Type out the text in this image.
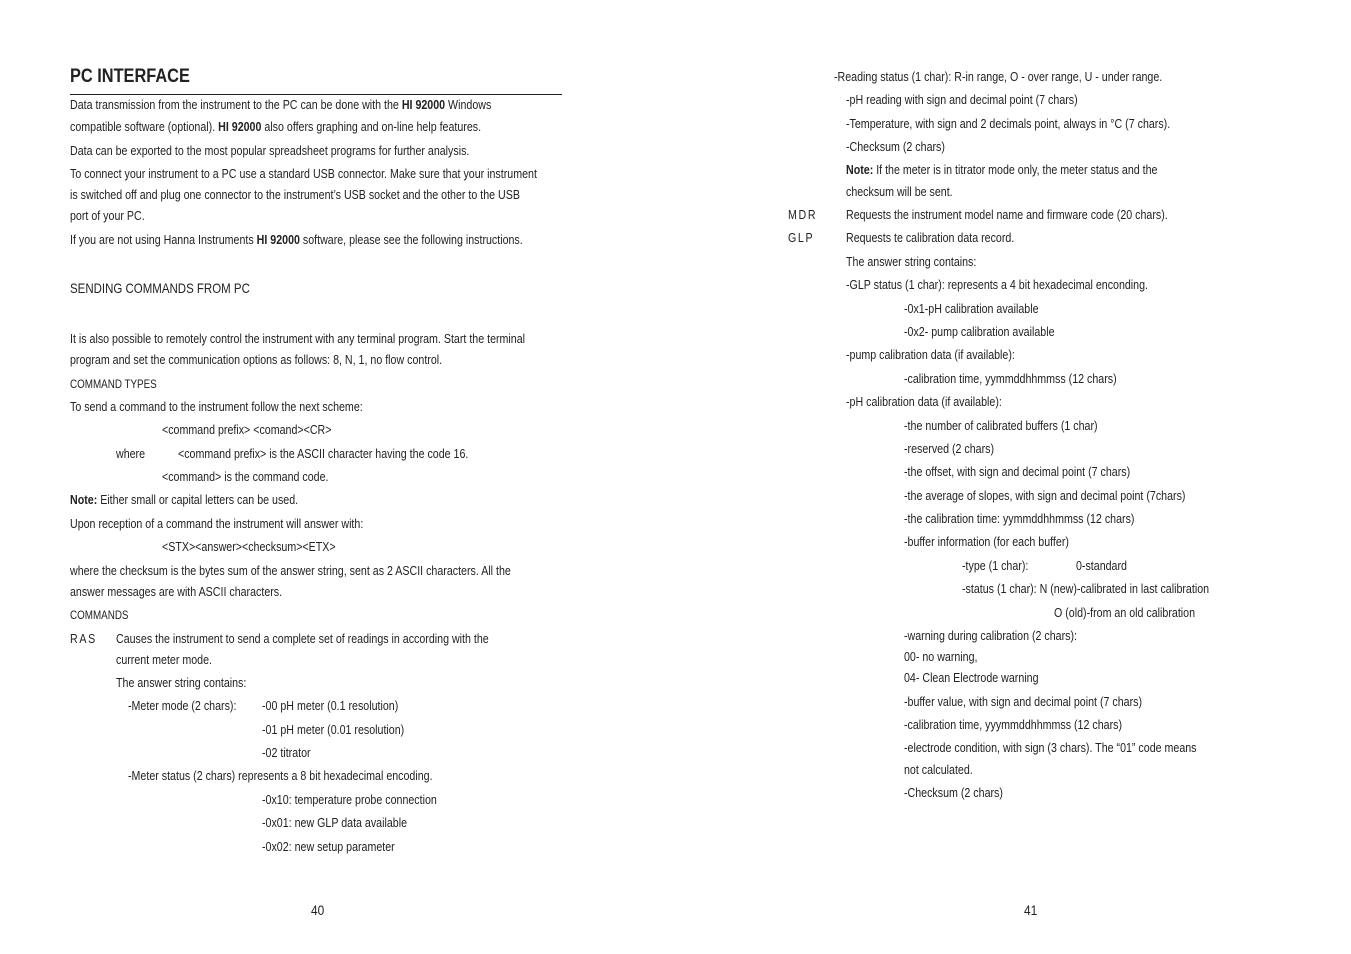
PC INTERFACE
Data transmission from the instrument to the PC can be done with the HI 92000 Windows
compatible software (optional). HI 92000 also offers graphing and on-line help features.
Data can be exported to the most popular spreadsheet programs for further analysis.
To connect your instrument to a PC use a standard USB connector. Make sure that your instrument
is switched off and plug one connector to the instrument’s USB socket and the other to the USB
port of your PC.
If you are not using Hanna Instruments HI 92000 software, please see the following instructions.
SENDING COMMANDS FROM PC
It is also possible to remotely control the instrument with any terminal program. Start the terminal
program and set the communication options as follows: 8, N, 1, no flow control.
COMMAND TYPES
To send a command to the instrument follow the next scheme:
<command prefix> <comand><CR>
where	<command prefix> is the ASCII character having the code 16.
<command> is the command code.
Note: Either small or capital letters can be used.
Upon reception of a command the instrument will answer with:
<STX><answer><checksum><ETX>
where the checksum is the bytes sum of the answer string, sent as 2 ASCII characters. All the
answer messages are with ASCII characters.
COMMANDS
RAS Causes the instrument to send a complete set of readings in according with the
current meter mode.
The answer string contains:
-Meter mode (2 chars): -00 pH meter (0.1 resolution)
-01 pH meter (0.01 resolution)
-02 titrator
-Meter status (2 chars) represents a 8 bit hexadecimal encoding.
-0x10: temperature probe connection
-0x01: new GLP data available
-0x02: new setup parameter
40
-Reading status (1 char): R-in range, O - over range, U - under range.
-pH reading with sign and decimal point (7 chars)
-Temperature, with sign and 2 decimals point, always in °C (7 chars).
-Checksum (2 chars)
Note: If the meter is in titrator mode only, the meter status and the
checksum will be sent.
MDR Requests the instrument model name and firmware code (20 chars).
GLP Requests te calibration data record.
The answer string contains:
-GLP status (1 char): represents a 4 bit hexadecimal enconding.
-0x1-pH calibration available
-0x2- pump calibration available
-pump calibration data (if available):
-calibration time, yymmddhhmmss (12 chars)
-pH calibration data (if available):
-the number of calibrated buffers (1 char)
-reserved (2 chars)
-the offset, with sign and decimal point (7 chars)
-the average of slopes, with sign and decimal point (7chars)
-the calibration time: yymmddhhmmss (12 chars)
-buffer information (for each buffer)
-type (1 char):	0-standard
-status (1 char): N (new)-calibrated in last calibration
O (old)-from an old calibration
-warning during calibration (2 chars):
00- no warning,
04- Clean Electrode warning
-buffer value, with sign and decimal point (7 chars)
-calibration time, yyymmddhhmmss (12 chars)
-electrode condition, with sign (3 chars). The “01” code means
not calculated.
-Checksum (2 chars)
41
